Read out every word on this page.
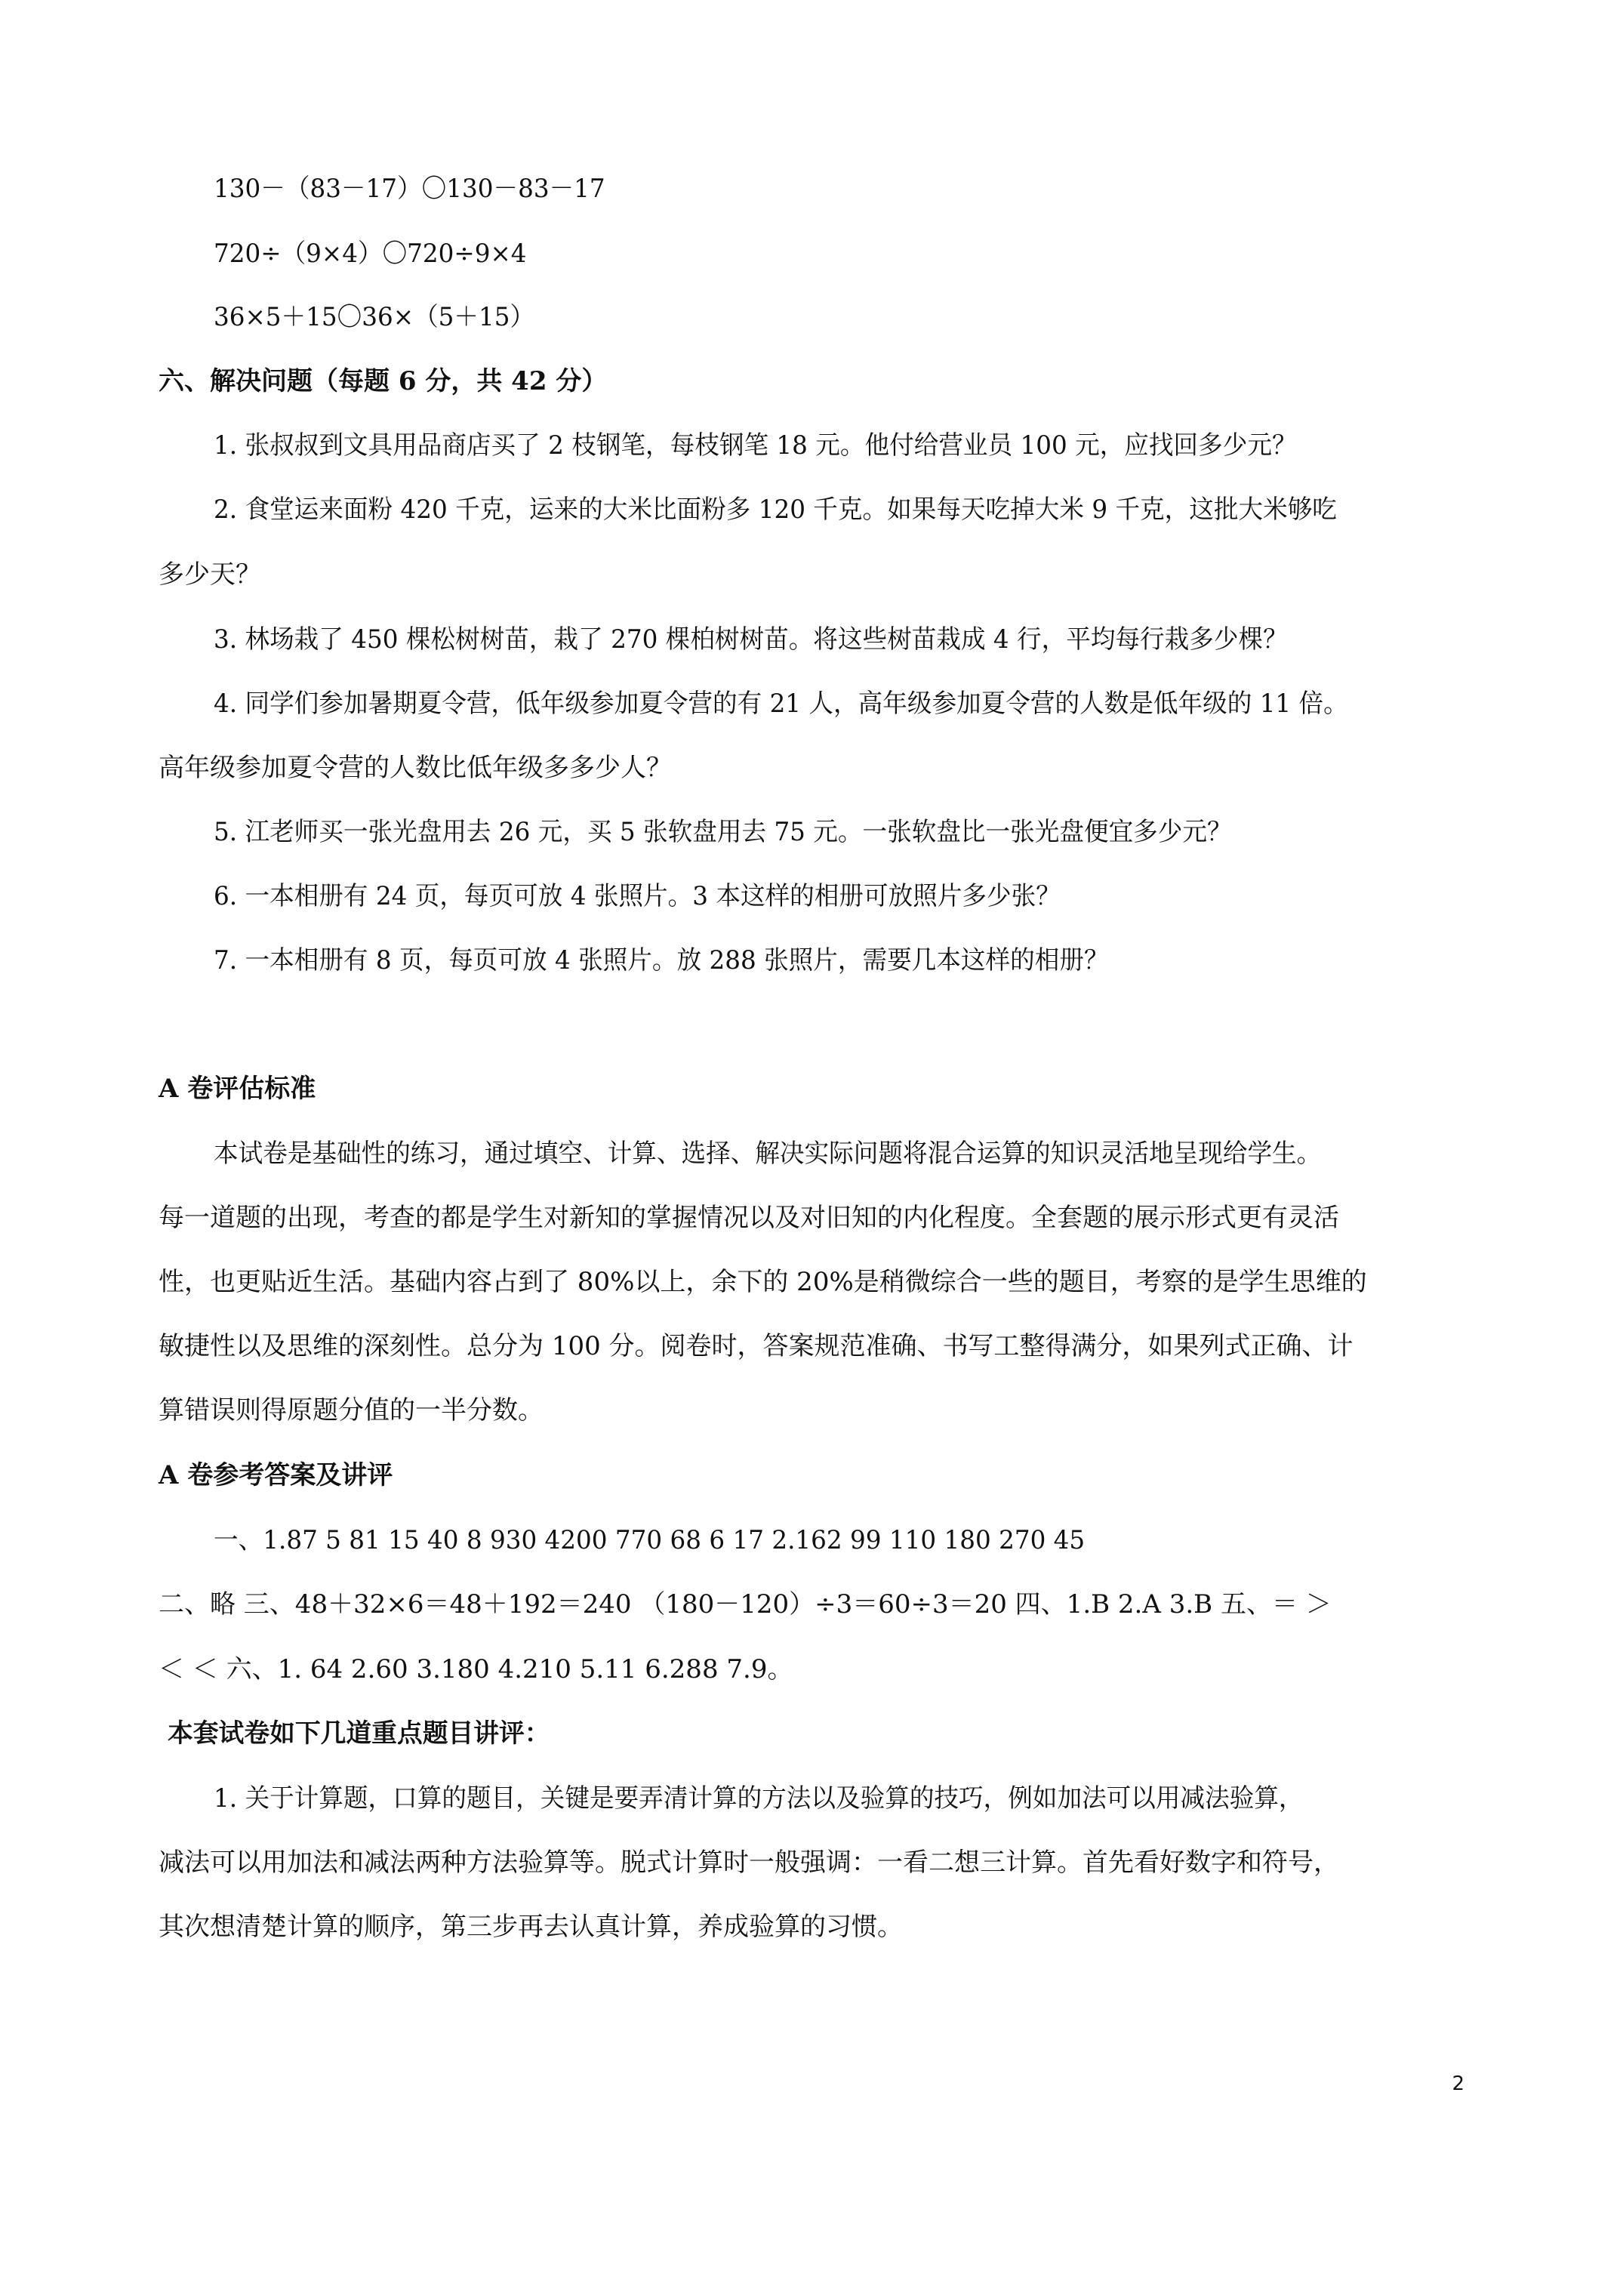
130－（83－17）〇130－83－17
720÷（9×4）〇720÷9×4
36×5＋15〇36×（5＋15）
六、解决问题（每题 6 分，共 42 分）
1. 张叔叔到文具用品商店买了 2 枝钢笔，每枝钢笔 18 元。他付给营业员 100 元，应找回多少元？
2. 食堂运来面粉 420 千克，运来的大米比面粉多 120 千克。如果每天吃掉大米 9 千克，这批大米够吃
多少天？
3. 林场栽了 450 棵松树树苗，栽了 270 棵柏树树苗。将这些树苗栽成 4 行，平均每行栽多少棵？
4. 同学们参加暑期夏令营，低年级参加夏令营的有 21 人，高年级参加夏令营的人数是低年级的 11 倍。
高年级参加夏令营的人数比低年级多多少人？
5. 江老师买一张光盘用去 26 元，买 5 张软盘用去 75 元。一张软盘比一张光盘便宜多少元？
6. 一本相册有 24 页，每页可放 4 张照片。3 本这样的相册可放照片多少张？
7. 一本相册有 8 页，每页可放 4 张照片。放 288 张照片，需要几本这样的相册？
A 卷评估标准
本试卷是基础性的练习，通过填空、计算、选择、解决实际问题将混合运算的知识灵活地呈现给学生。
每一道题的出现，考查的都是学生对新知的掌握情况以及对旧知的内化程度。全套题的展示形式更有灵活
性，也更贴近生活。基础内容占到了 80%以上，余下的 20%是稍微综合一些的题目，考察的是学生思维的
敏捷性以及思维的深刻性。总分为 100 分。阅卷时，答案规范准确、书写工整得满分，如果列式正确、计
算错误则得原题分值的一半分数。
A 卷参考答案及讲评
一、1.87 5 81 15 40 8 930 4200 770 68 6 17 2.162 99 110 180 270 45
二、略 三、48＋32×6＝48＋192＝240 （180－120）÷3＝60÷3＝20 四、1.B 2.A 3.B 五、＝ ＞
＜ ＜ 六、1. 64 2.60 3.180 4.210 5.11 6.288 7.9。
本套试卷如下几道重点题目讲评：
1. 关于计算题，口算的题目，关键是要弄清计算的方法以及验算的技巧，例如加法可以用减法验算，
减法可以用加法和减法两种方法验算等。脱式计算时一般强调：一看二想三计算。首先看好数字和符号，
其次想清楚计算的顺序，第三步再去认真计算，养成验算的习惯。
2
